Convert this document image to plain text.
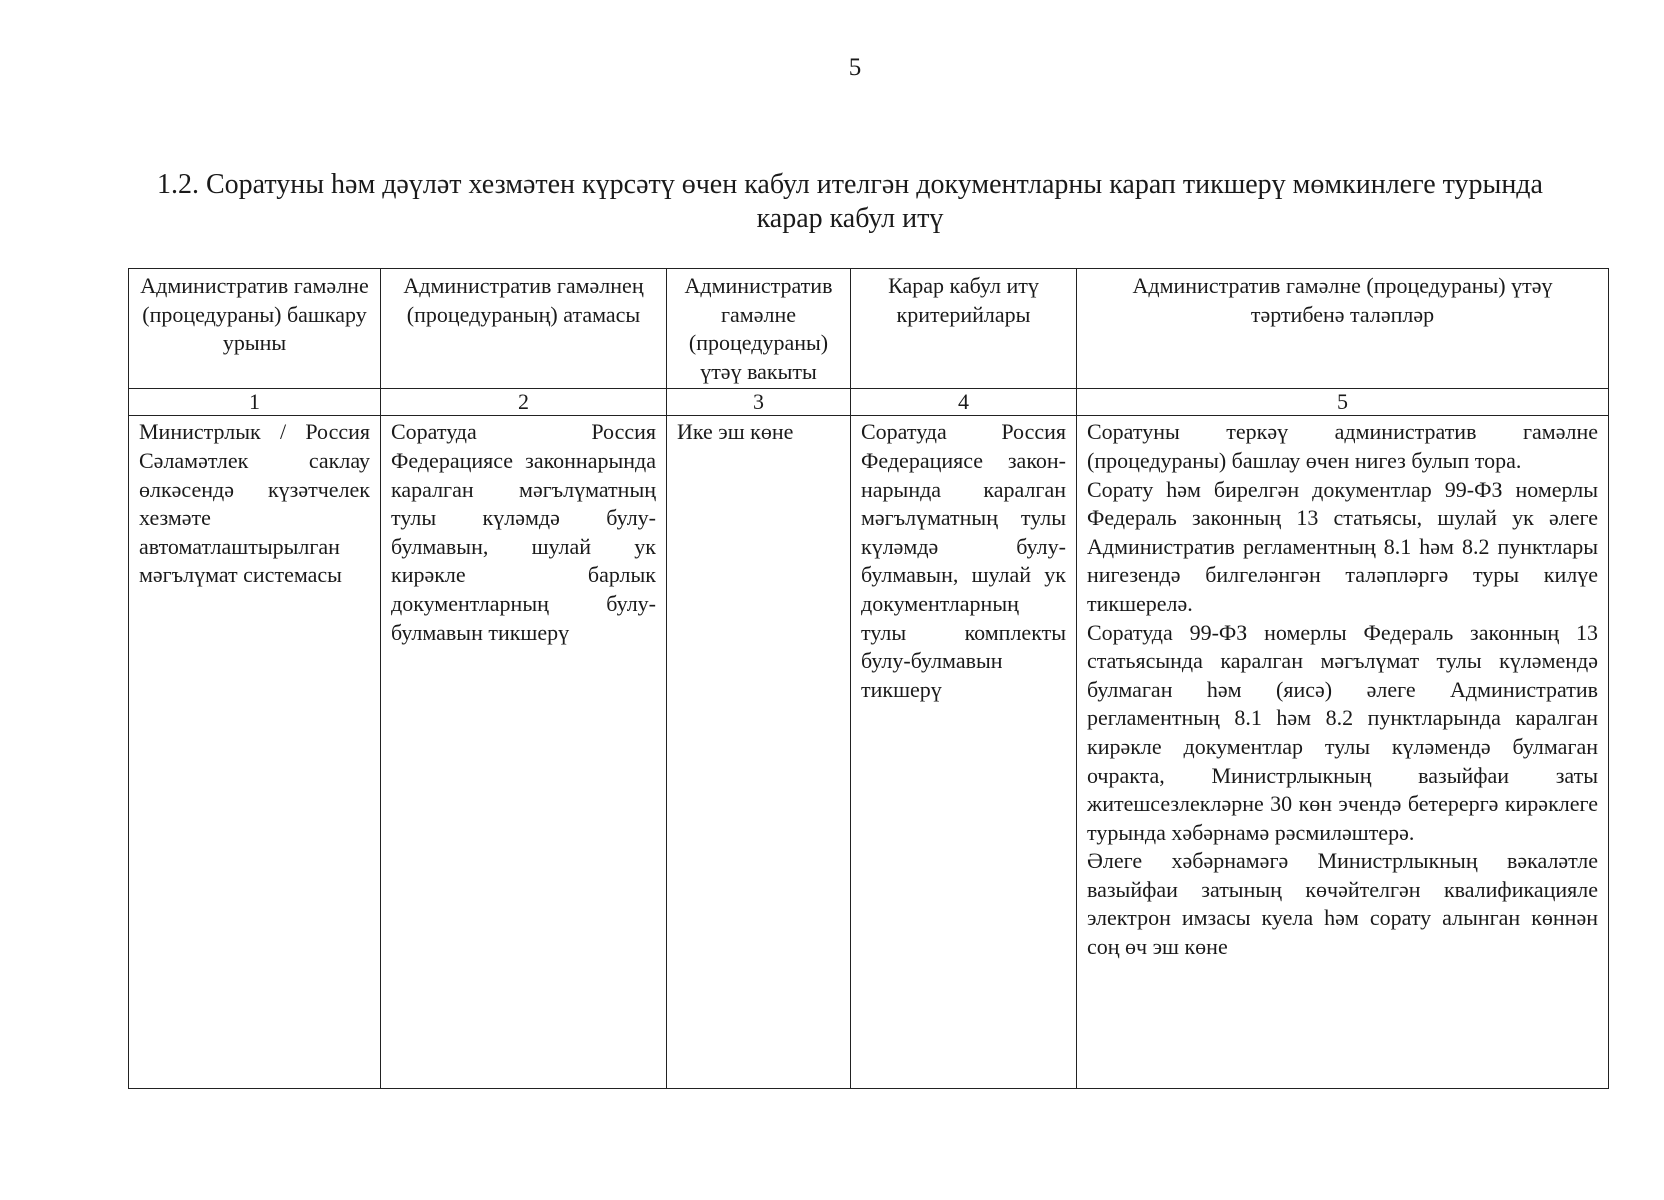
5
1.2. Соратуны һәм дәүләт хезмәтен күрсәтү өчен кабул ителгән документларны карап тикшерү мөмкинлеге турында
карар кабул итү
Административ гамәлне (процедураны) башкару урыны	Административ гамәлнең (процедураның) атамасы	Административ гамәлне (процедураны) үтәү вакыты	Карар кабул итү критерийлары	Административ гамәлне (процедураны) үтәү тәртибенә таләпләр
1	2	3	4	5
Министрлык / Россия Сәламәтлек саклау өлкәсендә күзәтчелек хезмәте автоматлаштырылган мәгълүмат системасы	Соратуда Россия Федерациясе законнарында каралган мәгълүматның тулы күләмдә булу-булмавын, шулай ук кирәкле барлык документларның булу-булмавын тикшерү	Ике эш көне	Соратуда Россия Федерациясе закон-нарында каралган мәгълүматның тулы күләмдә булу-булмавын, шулай ук документларның тулы комплекты булу-булмавын тикшерү	Соратуны теркәү административ гамәлне (процедураны) башлау өчен нигез булып тора.
Сорату һәм бирелгән документлар 99-ФЗ номерлы Федераль законның 13 статьясы, шулай ук әлеге Административ регламентның 8.1 һәм 8.2 пунктлары нигезендә билгеләнгән таләпләргә туры килүе тикшерелә.
Соратуда 99-ФЗ номерлы Федераль законның 13 статьясында каралган мәгълүмат тулы күләмендә булмаган һәм (яисә) әлеге Административ регламентның 8.1 һәм 8.2 пунктларында каралган кирәкле документлар тулы күләмендә булмаган очракта, Министрлыкның вазыйфаи заты житешсезлекләрне 30 көн эчендә бетерергә кирәклеге турында хәбәрнамә рәсмиләштерә.
Әлеге хәбәрнамәгә Министрлыкның вәкаләтле вазыйфаи затының көчәйтелгән квалификацияле электрон имзасы куела һәм сорату алынган көннән соң өч эш көне
